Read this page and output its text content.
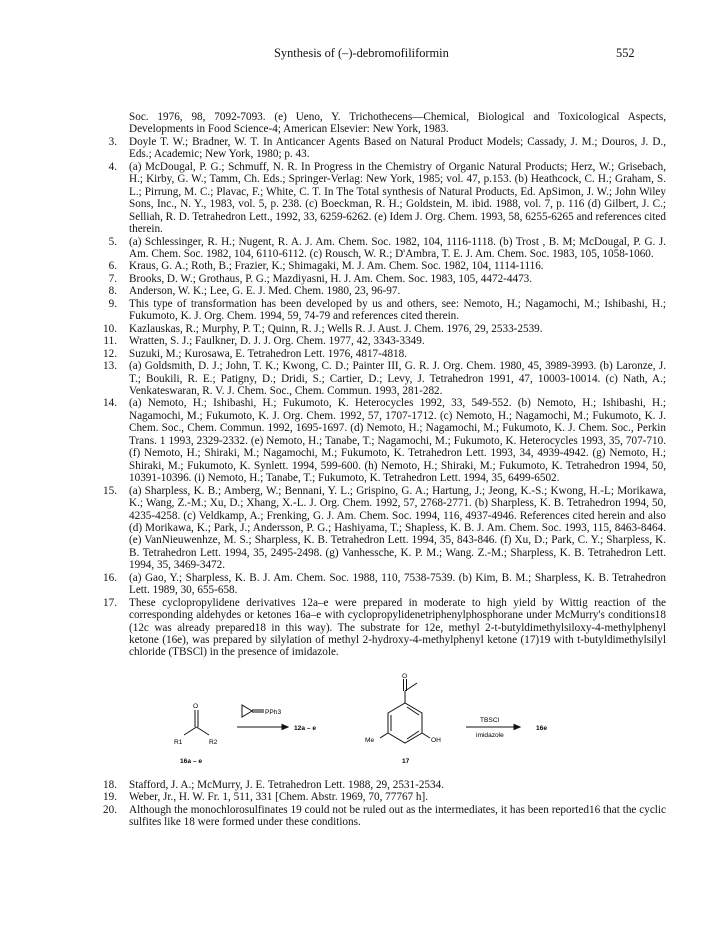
Synthesis of (–)-debromofiliformin	552
Soc. 1976, 98, 7092-7093. (e) Ueno, Y. Trichothecens—Chemical, Biological and Toxicological Aspects, Developments in Food Science-4; American Elsevier: New York, 1983.
3. Doyle T. W.; Bradner, W. T. In Anticancer Agents Based on Natural Product Models; Cassady, J. M.; Douros, J. D., Eds.; Academic; New York, 1980; p. 43.
4. (a) McDougal, P. G.; Schmuff, N. R. In Progress in the Chemistry of Organic Natural Products; Herz, W.; Grisebach, H.; Kirby, G. W.; Tamm, Ch. Eds.; Springer-Verlag: New York, 1985; vol. 47, p.153. (b) Heathcock, C. H.; Graham, S. L.; Pirrung, M. C.; Plavac, F.; White, C. T. In The Total synthesis of Natural Products, Ed. ApSimon, J. W.; John Wiley Sons, Inc., N. Y., 1983, vol. 5, p. 238. (c) Boeckman, R. H.; Goldstein, M. ibid. 1988, vol. 7, p. 116 (d) Gilbert, J. C.; Selliah, R. D. Tetrahedron Lett., 1992, 33, 6259-6262. (e) Idem J. Org. Chem. 1993, 58, 6255-6265 and references cited therein.
5. (a) Schlessinger, R. H.; Nugent, R. A. J. Am. Chem. Soc. 1982, 104, 1116-1118. (b) Trost , B. M; McDougal, P. G. J. Am. Chem. Soc. 1982, 104, 6110-6112. (c) Rousch, W. R.; D'Ambra, T. E. J. Am. Chem. Soc. 1983, 105, 1058-1060.
6. Kraus, G. A.; Roth, B.; Frazier, K.; Shimagaki, M. J. Am. Chem. Soc. 1982, 104, 1114-1116.
7. Brooks, D. W.; Grothaus, P. G.; Mazdiyasni, H. J. Am. Chem. Soc. 1983, 105, 4472-4473.
8. Anderson, W. K.; Lee, G. E. J. Med. Chem. 1980, 23, 96-97.
9. This type of transformation has been developed by us and others, see: Nemoto, H.; Nagamochi, M.; Ishibashi, H.; Fukumoto, K. J. Org. Chem. 1994, 59, 74-79 and references cited therein.
10. Kazlauskas, R.; Murphy, P. T.; Quinn, R. J.; Wells R. J. Aust. J. Chem. 1976, 29, 2533-2539.
11. Wratten, S. J.; Faulkner, D. J. J. Org. Chem. 1977, 42, 3343-3349.
12. Suzuki, M.; Kurosawa, E. Tetrahedron Lett. 1976, 4817-4818.
13. (a) Goldsmith, D. J.; John, T. K.; Kwong, C. D.; Painter III, G. R. J. Org. Chem. 1980, 45, 3989-3993. (b) Laronze, J. T.; Boukili, R. E.; Patigny, D.; Dridi, S.; Cartier, D.; Levy, J. Tetrahedron 1991, 47, 10003-10014. (c) Nath, A.; Venkateswaran, R. V. J. Chem. Soc., Chem. Commun. 1993, 281-282.
14. (a) Nemoto, H.; Ishibashi, H.; Fukumoto, K. Heterocycles 1992, 33, 549-552. (b) Nemoto, H.; Ishibashi, H.; Nagamochi, M.; Fukumoto, K. J. Org. Chem. 1992, 57, 1707-1712. (c) Nemoto, H.; Nagamochi, M.; Fukumoto, K. J. Chem. Soc., Chem. Commun. 1992, 1695-1697. (d) Nemoto, H.; Nagamochi, M.; Fukumoto, K. J. Chem. Soc., Perkin Trans. 1 1993, 2329-2332. (e) Nemoto, H.; Tanabe, T.; Nagamochi, M.; Fukumoto, K. Heterocycles 1993, 35, 707-710. (f) Nemoto, H.; Shiraki, M.; Nagamochi, M.; Fukumoto, K. Tetrahedron Lett. 1993, 34, 4939-4942. (g) Nemoto, H.; Shiraki, M.; Fukumoto, K. Synlett. 1994, 599-600. (h) Nemoto, H.; Shiraki, M.; Fukumoto, K. Tetrahedron 1994, 50, 10391-10396. (i) Nemoto, H.; Tanabe, T.; Fukumoto, K. Tetrahedron Lett. 1994, 35, 6499-6502.
15. (a) Sharpless, K. B.; Amberg, W.; Bennani, Y. L.; Grispino, G. A.; Hartung, J.; Jeong, K.-S.; Kwong, H.-L; Morikawa, K.; Wang, Z.-M.; Xu, D.; Xhang, X.-L. J. Org. Chem. 1992, 57, 2768-2771. (b) Sharpless, K. B. Tetrahedron 1994, 50, 4235-4258. (c) Veldkamp, A.; Frenking, G. J. Am. Chem. Soc. 1994, 116, 4937-4946. References cited herein and also (d) Morikawa, K.; Park, J.; Andersson, P. G.; Hashiyama, T.; Shapless, K. B. J. Am. Chem. Soc. 1993, 115, 8463-8464. (e) VanNieuwenhze, M. S.; Sharpless, K. B. Tetrahedron Lett. 1994, 35, 843-846. (f) Xu, D.; Park, C. Y.; Sharpless, K. B. Tetrahedron Lett. 1994, 35, 2495-2498. (g) Vanhessche, K. P. M.; Wang. Z.-M.; Sharpless, K. B. Tetrahedron Lett. 1994, 35, 3469-3472.
16. (a) Gao, Y.; Sharpless, K. B. J. Am. Chem. Soc. 1988, 110, 7538-7539. (b) Kim, B. M.; Sharpless, K. B. Tetrahedron Lett. 1989, 30, 655-658.
17. These cyclopropylidene derivatives 12a–e were prepared in moderate to high yield by Wittig reaction of the corresponding aldehydes or ketones 16a–e with cyclopropylidenetriphenylphosphorane under McMurry's conditions18 (12c was already prepared18 in this way). The substrate for 12e, methyl 2-t-butyldimethylsiloxy-4-methylphenyl ketone (16e), was prepared by silylation of methyl 2-hydroxy-4-methylphenyl ketone (17)19 with t-butyldimethylsilyl chloride (TBSCl) in the presence of imidazole.
O
R1	R2
16a – e
PPh3
12a – e
O
Me	OH
17
TBSCl
imidazole
16e
18. Stafford, J. A.; McMurry, J. E. Tetrahedron Lett. 1988, 29, 2531-2534.
19. Weber, Jr., H. W. Fr. 1, 511, 331 [Chem. Abstr. 1969, 70, 77767 h].
20. Although the monochlorosulfinates 19 could not be ruled out as the intermediates, it has been reported16 that the cyclic sulfites like 18 were formed under these conditions.
